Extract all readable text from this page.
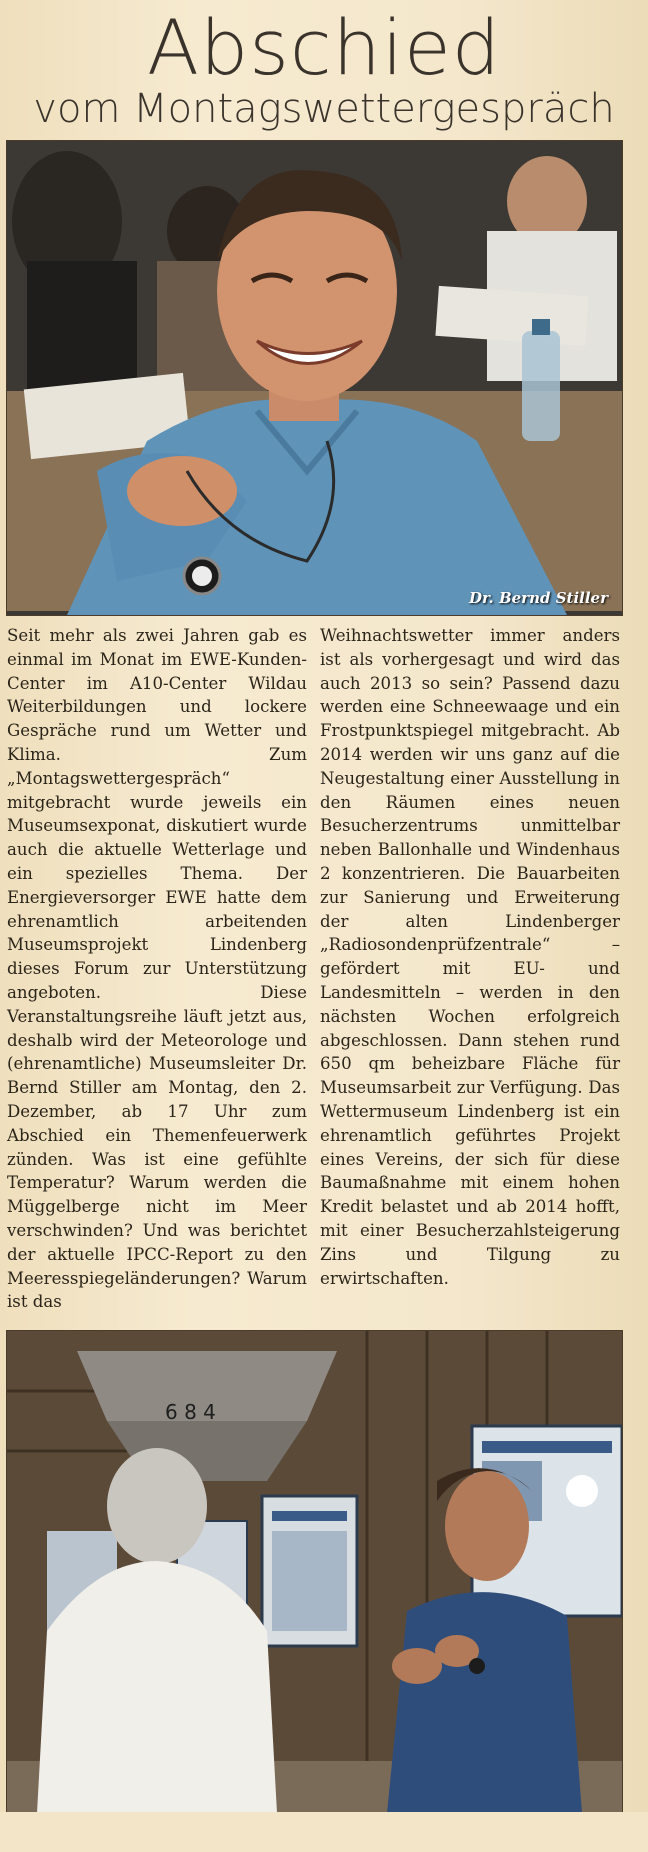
Abschied
vom Montagswettergespräch
Dr. Bernd Stiller

Seit mehr als zwei Jahren gab es einmal im Monat im EWE-Kunden-Center im A10-Center Wildau Weiterbildungen und lockere Gespräche rund um Wetter und Klima. Zum „Montagswettergespräch“ mitgebracht wurde jeweils ein Museumsexponat, diskutiert wurde auch die aktuelle Wetterlage und ein spezielles Thema. Der Energieversorger EWE hatte dem ehrenamtlich arbeitenden Museumsprojekt Lindenberg dieses Forum zur Unterstützung angeboten. Diese Veranstaltungsreihe läuft jetzt aus, deshalb wird der Meteorologe und (ehrenamtliche) Museumsleiter Dr. Bernd Stiller am Montag, den 2. Dezember, ab 17 Uhr zum Abschied ein Themenfeuerwerk zünden. Was ist eine gefühlte Temperatur? Warum werden die Müggelberge nicht im Meer verschwinden? Und was berichtet der aktuelle IPCC-Report zu den Meeresspiegeländerungen? Warum ist das

Weihnachtswetter immer anders ist als vorhergesagt und wird das auch 2013 so sein? Passend dazu werden eine Schneewaage und ein Frostpunktspiegel mitgebracht. Ab 2014 werden wir uns ganz auf die Neugestaltung einer Ausstellung in den Räumen eines neuen Besucherzentrums unmittelbar neben Ballonhalle und Windenhaus 2 konzentrieren. Die Bauarbeiten zur Sanierung und Erweiterung der alten Lindenberger „Radiosondenprüfzentrale“ – gefördert mit EU- und Landesmitteln – werden in den nächsten Wochen erfolgreich abgeschlossen. Dann stehen rund 650 qm beheizbare Fläche für Museumsarbeit zur Verfügung. Das Wettermuseum Lindenberg ist ein ehrenamtlich geführtes Projekt eines Vereins, der sich für diese Baumaßnahme mit einem hohen Kredit belastet und ab 2014 hofft, mit einer Besucherzahlsteigerung Zins und Tilgung zu erwirtschaften.

6 8 4
